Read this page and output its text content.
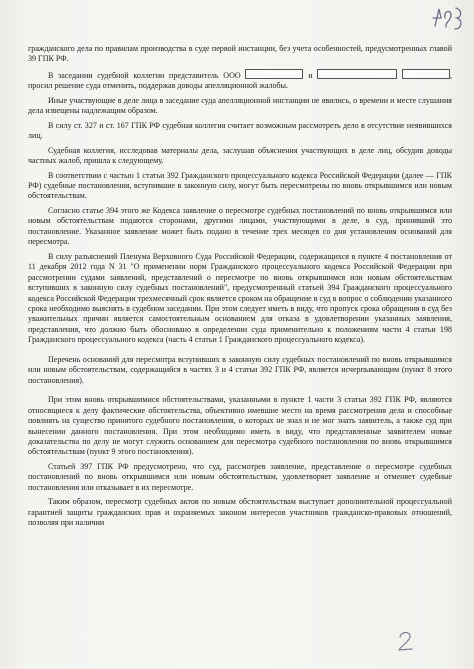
гражданского дела по правилам производства в суде первой инстанции, без учета особенностей, предусмотренных главой 39 ГПК РФ.

В заседании судебной коллегии представитель ООО	и	, просил решение суда отменить, поддержав доводы апелляционной жалобы.

Иные участвующие в деле лица в заседание суда апелляционной инстанции не явились, о времени и месте слушания дела извещены надлежащим образом.

В силу ст. 327 и ст. 167 ГПК РФ судебная коллегия считает возможным рассмотреть дело в отсутствие неявившихся лиц.

Судебная коллегия, исследовав материалы дела, заслушав объяснения участвующих в деле лиц, обсудив доводы частных жалоб, пришла к следующему.

В соответствии с частью 1 статьи 392 Гражданского процессуального кодекса Российской Федерации (далее — ГПК РФ) судебные постановления, вступившие в законную силу, могут быть пересмотрены по вновь открывшимся или новым обстоятельствам.

Согласно статье 394 этого же Кодекса заявление о пересмотре судебных постановлений по вновь открывшимся или новым обстоятельствам подаются сторонами, другими лицами, участвующими в деле, в суд, принявший это постановление. Указанное заявление может быть подано в течение трех месяцев со дня установления оснований для пересмотра.

В силу разъяснений Пленума Верховного Суда Российской Федерации, содержащихся в пункте 4 постановления от 11 декабря 2012 года N 31 "О применении норм Гражданского процессуального кодекса Российской Федерации при рассмотрении судами заявлений, представлений о пересмотре по вновь открывшимся или новым обстоятельствам вступивших в законную силу судебных постановлений", предусмотренный статьей 394 Гражданского процессуального кодекса Российской Федерации трехмесячный срок является сроком на обращение в суд в вопрос о соблюдении указанного срока необходимо выяснять в судебном заседании. При этом следует иметь в виду, что пропуск срока обращения в суд без уважительных причин является самостоятельным основанием для отказа в удовлетворении указанных заявления, представления, что должно быть обосновано в определении суда применительно к положениям части 4 статьи 198 Гражданского процессуального кодекса (часть 4 статьи 1 Гражданского процессуального кодекса).

Перечень оснований для пересмотра вступивших в законную силу судебных постановлений по вновь открывшимся или новым обстоятельствам, содержащийся в частях 3 и 4 статьи 392 ГПК РФ, является исчерпывающим (пункт 8 этого постановления).

При этом вновь открывшимися обстоятельствами, указанными в пункте 1 части 3 статьи 392 ГПК РФ, являются относящиеся к делу фактические обстоятельства, объективно имевшие место на время рассмотрения дела и способные повлиять на существо принятого судебного постановления, о которых не знал и не мог знать заявитель, а также суд при вынесении данного постановления. При этом необходимо иметь в виду, что представленные заявителем новые доказательства по делу не могут служить основанием для пересмотра судебного постановления по вновь открывшимся обстоятельствам (пункт 9 этого постановления).

Статьей 397 ГПК РФ предусмотрено, что суд, рассмотрев заявление, представление о пересмотре судебных постановлений по вновь открывшимся или новым обстоятельствам, удовлетворяет заявление и отменяет судебные постановления или отказывает в их пересмотре.

Таким образом, пересмотр судебных актов по новым обстоятельствам выступает дополнительной процессуальной гарантией защиты гражданских прав и охраняемых законом интересов участников гражданско-правовых отношений, позволяя при наличии
